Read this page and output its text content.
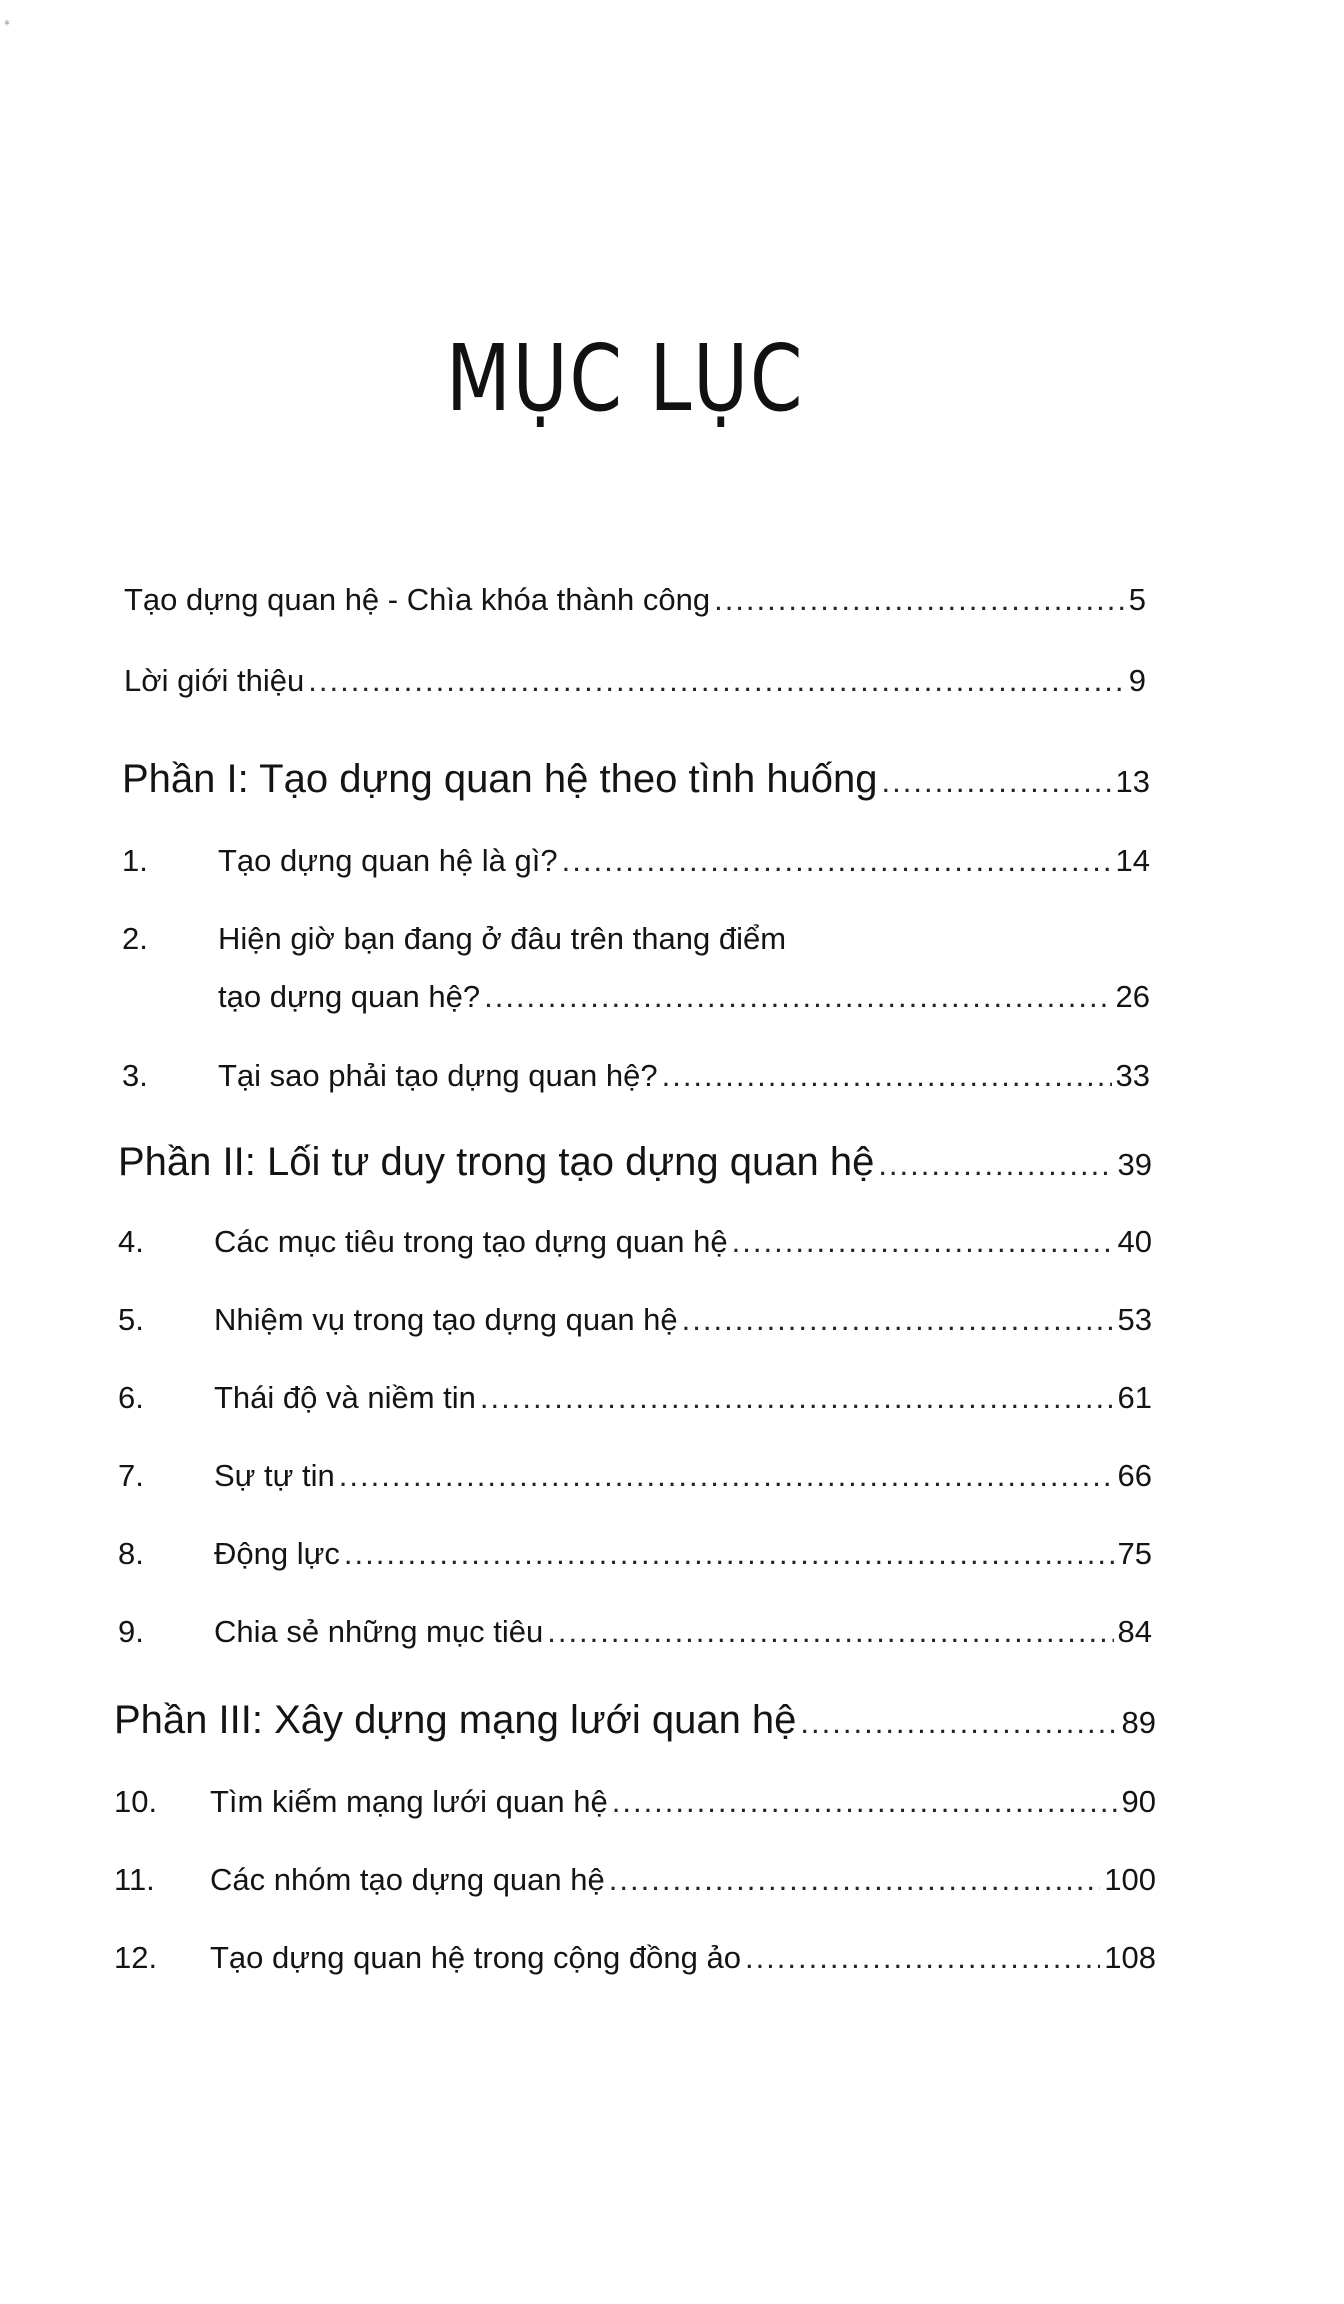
⁎
MỤC LỤC
Tạo dựng quan hệ - Chìa khóa thành công .....	5
Lời giới thiệu .....	9
Phần I: Tạo dựng quan hệ theo tình huống .....	13
1.	Tạo dựng quan hệ là gì? .....	14
2. Hiện giờ bạn đang ở đâu trên thang điểm
tạo dựng quan hệ? .....	26
3.	Tại sao phải tạo dựng quan hệ? .....	33
Phần II: Lối tư duy trong tạo dựng quan hệ .....	39
4.	Các mục tiêu trong tạo dựng quan hệ .....	40
5.	Nhiệm vụ trong tạo dựng quan hệ .....	53
6.	Thái độ và niềm tin .....	61
7.	Sự tự tin .....	66
8.	Động lực .....	75
9.	Chia sẻ những mục tiêu .....	84
Phần III: Xây dựng mạng lưới quan hệ .....	89
10.	Tìm kiếm mạng lưới quan hệ .....	90
11.	Các nhóm tạo dựng quan hệ .....	100
12.	Tạo dựng quan hệ trong cộng đồng ảo .....	108
